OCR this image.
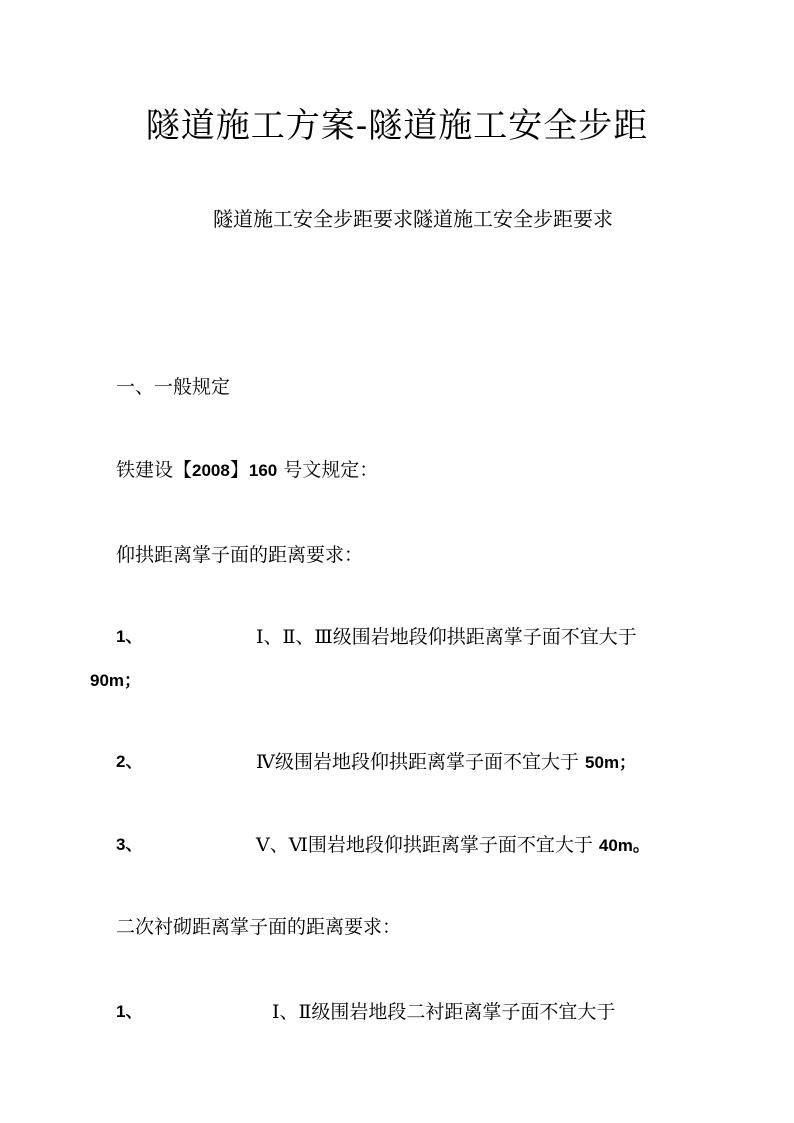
隧道施工方案-隧道施工安全步距
隧道施工安全步距要求隧道施工安全步距要求
一、一般规定
铁建设【2008】160 号文规定：
仰拱距离掌子面的距离要求：
1、	Ⅰ、Ⅱ、Ⅲ级围岩地段仰拱距离掌子面不宜大于
90m；
2、	Ⅳ级围岩地段仰拱距离掌子面不宜大于 50m；
3、	Ⅴ、Ⅵ围岩地段仰拱距离掌子面不宜大于 40m。
二次衬砌距离掌子面的距离要求：
1、	Ⅰ、Ⅱ级围岩地段二衬距离掌子面不宜大于
